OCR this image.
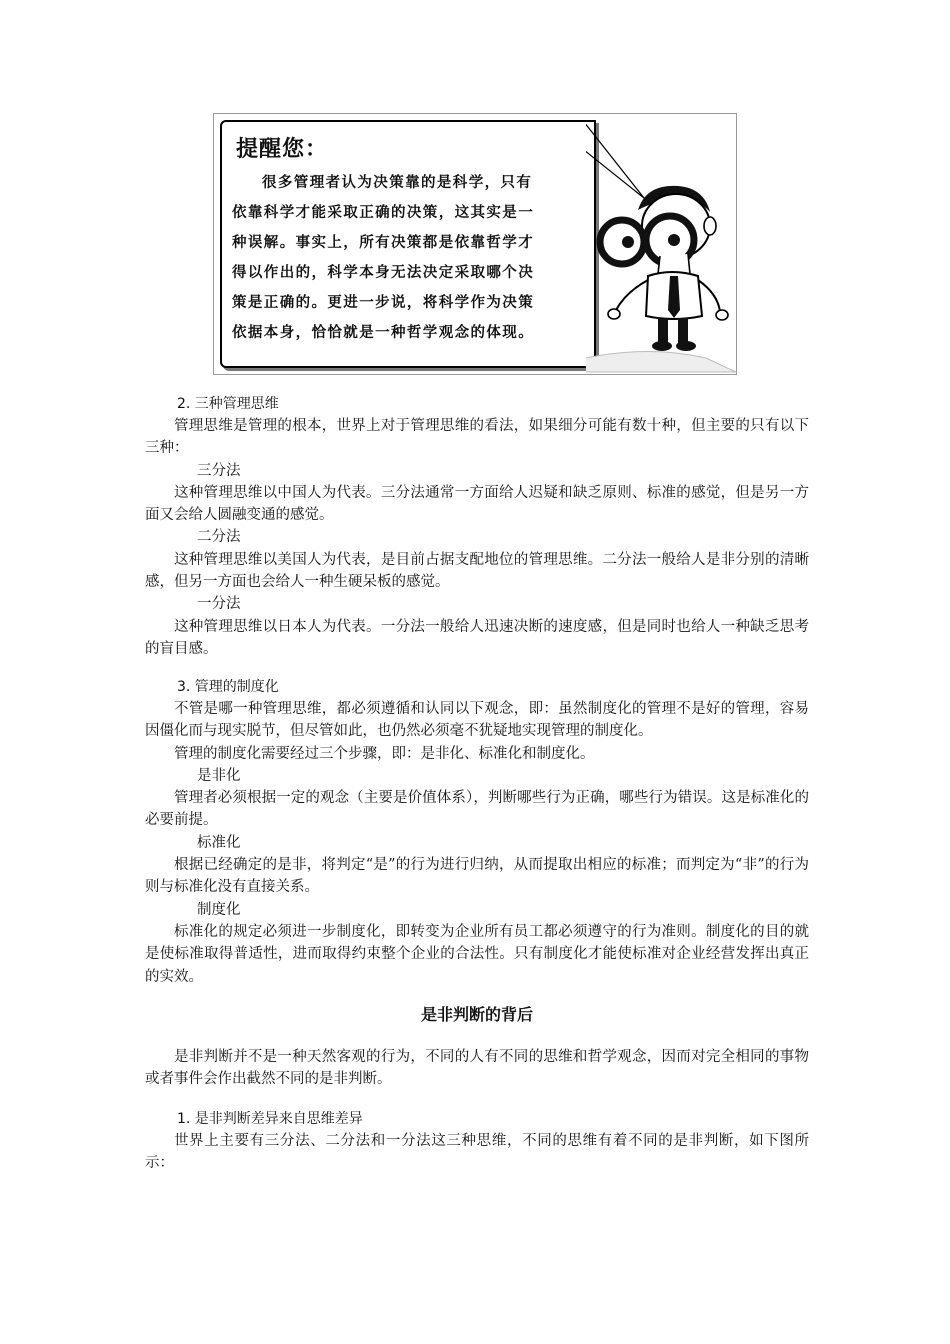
提醒您：
很多管理者认为决策靠的是科学，只有
依靠科学才能采取正确的决策，这其实是一
种误解。事实上，所有决策都是依靠哲学才
得以作出的，科学本身无法决定采取哪个决
策是正确的。更进一步说，将科学作为决策
依据本身，恰恰就是一种哲学观念的体现。
2. 三种管理思维

管理思维是管理的根本，世界上对于管理思维的看法，如果细分可能有数十种，但主要的只有以下三种：

三分法

这种管理思维以中国人为代表。三分法通常一方面给人迟疑和缺乏原则、标准的感觉，但是另一方面又会给人圆融变通的感觉。

二分法

这种管理思维以美国人为代表，是目前占据支配地位的管理思维。二分法一般给人是非分别的清晰感，但另一方面也会给人一种生硬呆板的感觉。

一分法

这种管理思维以日本人为代表。一分法一般给人迅速决断的速度感，但是同时也给人一种缺乏思考的盲目感。

3. 管理的制度化

不管是哪一种管理思维，都必须遵循和认同以下观念，即：虽然制度化的管理不是好的管理，容易因僵化而与现实脱节，但尽管如此，也仍然必须毫不犹疑地实现管理的制度化。

管理的制度化需要经过三个步骤，即：是非化、标准化和制度化。

是非化

管理者必须根据一定的观念（主要是价值体系），判断哪些行为正确，哪些行为错误。这是标准化的必要前提。

标准化

根据已经确定的是非，将判定“是”的行为进行归纳，从而提取出相应的标准；而判定为“非”的行为则与标准化没有直接关系。

制度化

标准化的规定必须进一步制度化，即转变为企业所有员工都必须遵守的行为准则。制度化的目的就是使标准取得普适性，进而取得约束整个企业的合法性。只有制度化才能使标准对企业经营发挥出真正的实效。

是非判断的背后

是非判断并不是一种天然客观的行为，不同的人有不同的思维和哲学观念，因而对完全相同的事物或者事件会作出截然不同的是非判断。

1. 是非判断差异来自思维差异

世界上主要有三分法、二分法和一分法这三种思维，不同的思维有着不同的是非判断，如下图所示：
